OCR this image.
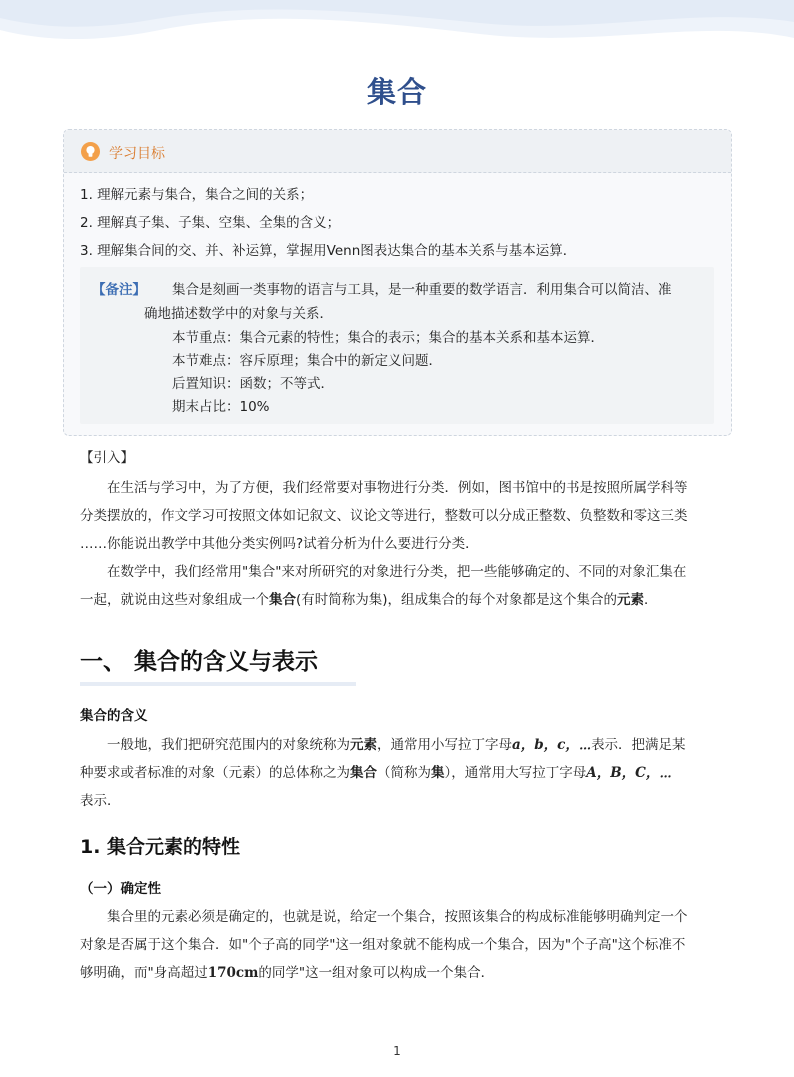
集合
学习目标
1. 理解元素与集合，集合之间的关系；
2. 理解真子集、子集、空集、全集的含义；
3. 理解集合间的交、并、补运算，掌握用Venn图表达集合的基本关系与基本运算．
【备注】 集合是刻画一类事物的语言与工具，是一种重要的数学语言．利用集合可以简洁、准
确地描述数学中的对象与关系．
本节重点：集合元素的特性；集合的表示；集合的基本关系和基本运算．
本节难点：容斥原理；集合中的新定义问题．
后置知识：函数；不等式．
期末占比：10%
【引入】
在生活与学习中，为了方便，我们经常要对事物进行分类．例如，图书馆中的书是按照所属学科等
分类摆放的，作文学习可按照文体如记叙文、议论文等进行，整数可以分成正整数、负整数和零这三类
……你能说出教学中其他分类实例吗?试着分析为什么要进行分类．
在数学中，我们经常用"集合"来对所研究的对象进行分类，把一些能够确定的、不同的对象汇集在
一起，就说由这些对象组成一个集合(有时简称为集)，组成集合的每个对象都是这个集合的元素．
一、 集合的含义与表示
集合的含义
一般地，我们把研究范围内的对象统称为元素，通常用小写拉丁字母a，b，c，⋯表示．把满足某
种要求或者标准的对象（元素）的总体称之为集合（简称为集），通常用大写拉丁字母A，B，C，⋯
表示．
1. 集合元素的特性
（一）确定性
集合里的元素必须是确定的，也就是说，给定一个集合，按照该集合的构成标准能够明确判定一个
对象是否属于这个集合．如"个子高的同学"这一组对象就不能构成一个集合，因为"个子高"这个标准不
够明确，而"身高超过170cm的同学"这一组对象可以构成一个集合．
1
